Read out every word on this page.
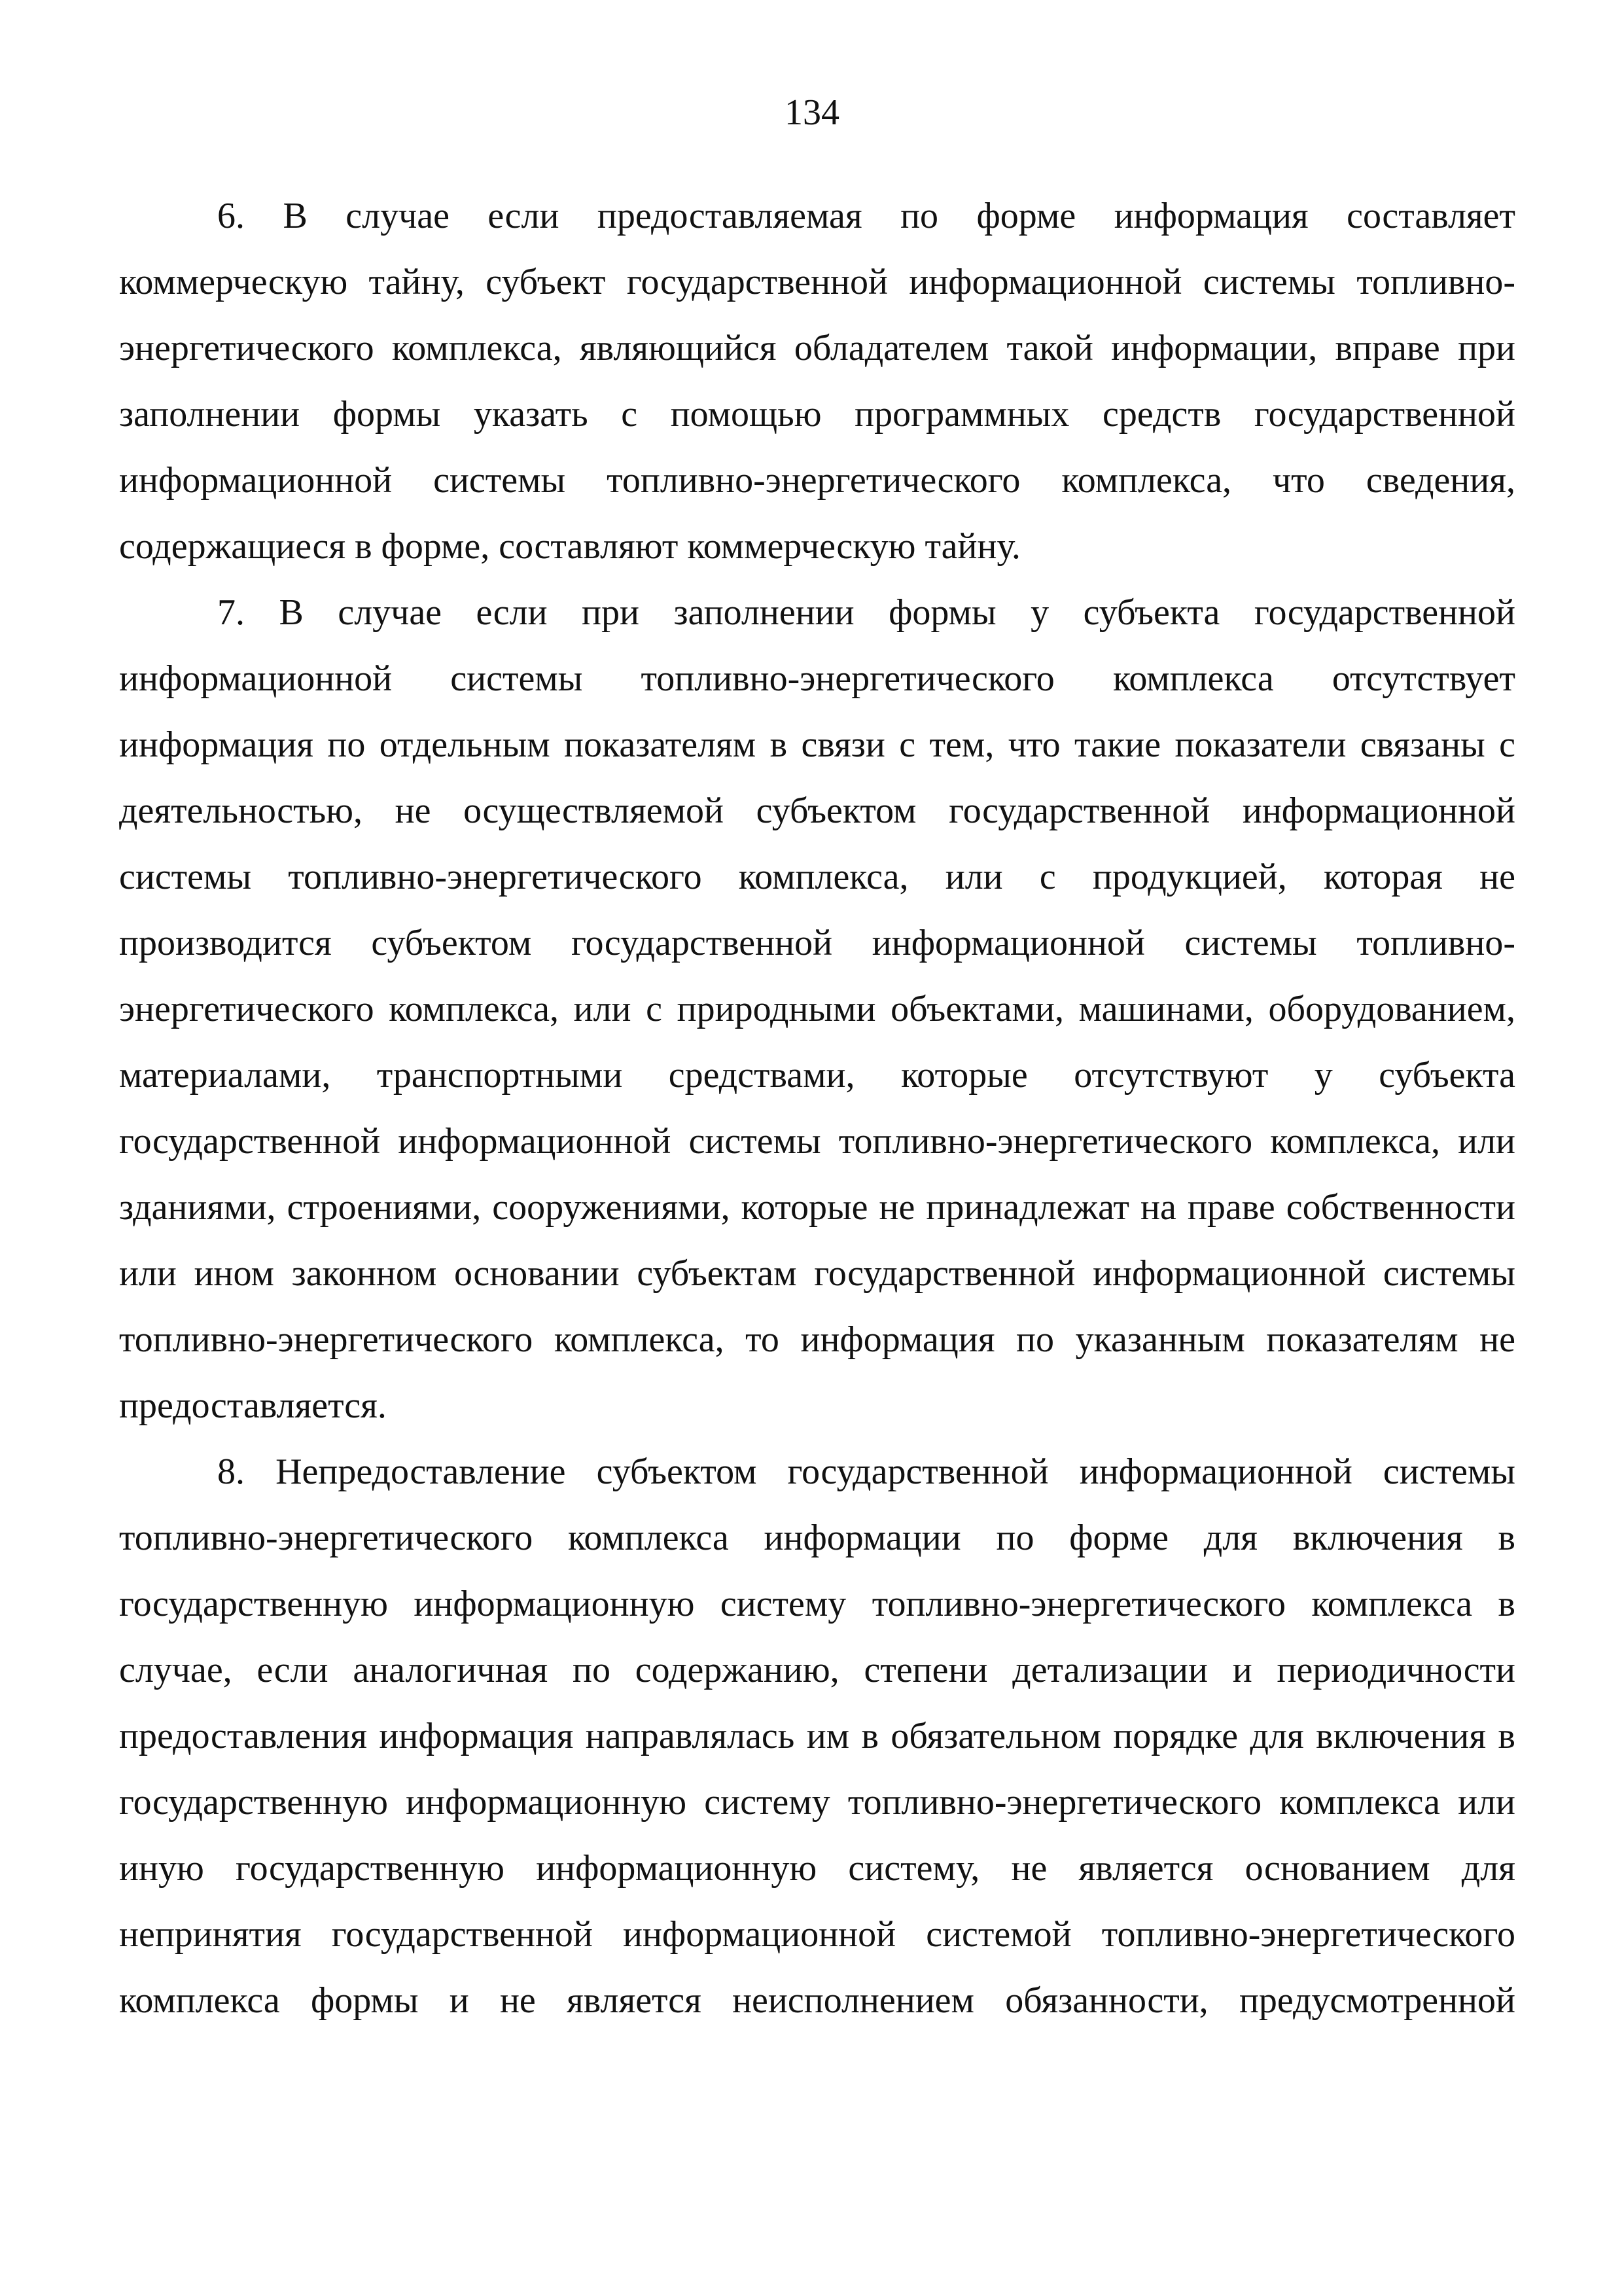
134

6. В случае если предоставляемая по форме информация составляет коммерческую тайну, субъект государственной информационной системы топливно-энергетического комплекса, являющийся обладателем такой информации, вправе при заполнении формы указать с помощью программных средств государственной информационной системы топливно-энергетического комплекса, что сведения, содержащиеся в форме, составляют коммерческую тайну.

7. В случае если при заполнении формы у субъекта государственной информационной системы топливно-энергетического комплекса отсутствует информация по отдельным показателям в связи с тем, что такие показатели связаны с деятельностью, не осуществляемой субъектом государственной информационной системы топливно-энергетического комплекса, или с продукцией, которая не производится субъектом государственной информационной системы топливно-энергетического комплекса, или с природными объектами, машинами, оборудованием, материалами, транспортными средствами, которые отсутствуют у субъекта государственной информационной системы топливно-энергетического комплекса, или зданиями, строениями, сооружениями, которые не принадлежат на праве собственности или ином законном основании субъектам государственной информационной системы топливно-энергетического комплекса, то информация по указанным показателям не предоставляется.

8. Непредоставление субъектом государственной информационной системы топливно-энергетического комплекса информации по форме для включения в государственную информационную систему топливно-энергетического комплекса в случае, если аналогичная по содержанию, степени детализации и периодичности предоставления информация направлялась им в обязательном порядке для включения в государственную информационную систему топливно-энергетического комплекса или иную государственную информационную систему, не является основанием для непринятия государственной информационной системой топливно-энергетического комплекса формы и не является неисполнением обязанности, предусмотренной
